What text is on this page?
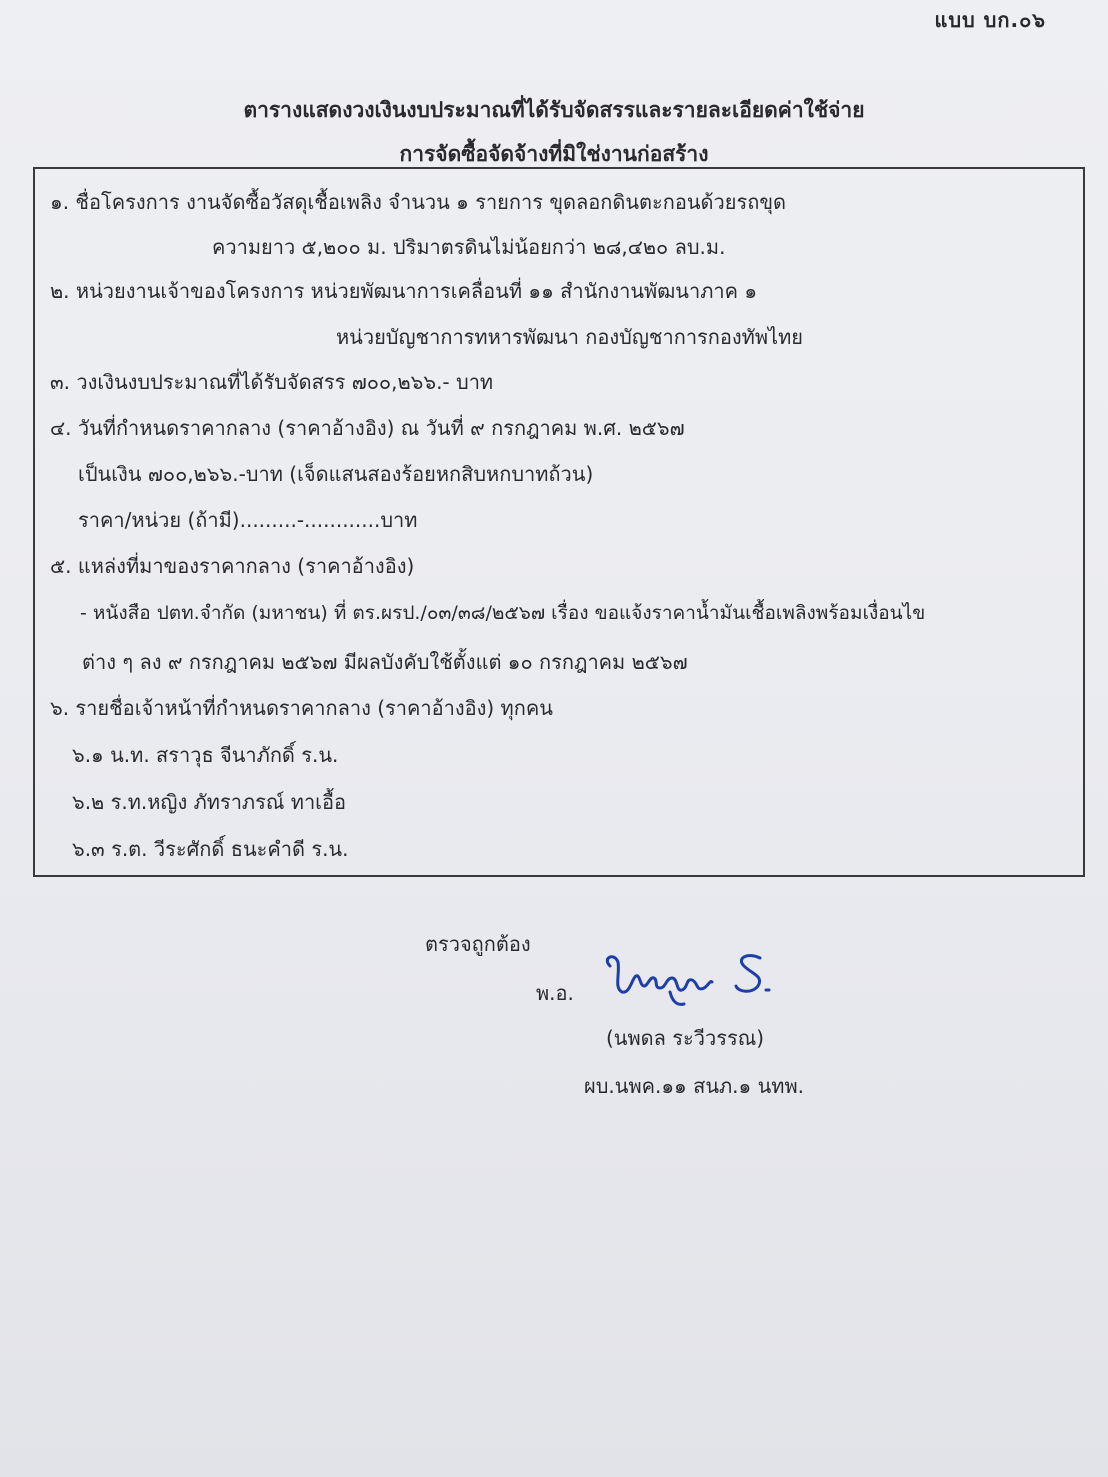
แบบ บก.๐๖
ตารางแสดงวงเงินงบประมาณที่ได้รับจัดสรรและรายละเอียดค่าใช้จ่าย
การจัดซื้อจัดจ้างที่มิใช่งานก่อสร้าง
๑. ชื่อโครงการ งานจัดซื้อวัสดุเชื้อเพลิง จำนวน ๑ รายการ ขุดลอกดินตะกอนด้วยรถขุด
ความยาว ๕,๒๐๐ ม. ปริมาตรดินไม่น้อยกว่า ๒๘,๔๒๐ ลบ.ม.
๒. หน่วยงานเจ้าของโครงการ หน่วยพัฒนาการเคลื่อนที่ ๑๑ สำนักงานพัฒนาภาค ๑
หน่วยบัญชาการทหารพัฒนา กองบัญชาการกองทัพไทย
๓. วงเงินงบประมาณที่ได้รับจัดสรร ๗๐๐,๒๖๖.- บาท
๔. วันที่กำหนดราคากลาง (ราคาอ้างอิง) ณ วันที่ ๙ กรกฎาคม พ.ศ. ๒๕๖๗
เป็นเงิน ๗๐๐,๒๖๖.-บาท (เจ็ดแสนสองร้อยหกสิบหกบาทถ้วน)
ราคา/หน่วย (ถ้ามี).........-............บาท
๕. แหล่งที่มาของราคากลาง (ราคาอ้างอิง)
- หนังสือ ปตท.จำกัด (มหาชน) ที่ ตร.ผรป./๐๓/๓๘/๒๕๖๗ เรื่อง ขอแจ้งราคาน้ำมันเชื้อเพลิงพร้อมเงื่อนไข
ต่าง ๆ ลง ๙ กรกฎาคม ๒๕๖๗ มีผลบังคับใช้ตั้งแต่ ๑๐ กรกฎาคม ๒๕๖๗
๖. รายชื่อเจ้าหน้าที่กำหนดราคากลาง (ราคาอ้างอิง) ทุกคน
๖.๑ น.ท. สราวุธ จีนาภักดิ์ ร.น.
๖.๒ ร.ท.หญิง ภัทราภรณ์ ทาเอื้อ
๖.๓ ร.ต. วีระศักดิ์ ธนะคำดี ร.น.
ตรวจถูกต้อง
พ.อ.
(นพดล ระวีวรรณ)
ผบ.นพค.๑๑ สนภ.๑ นทพ.
